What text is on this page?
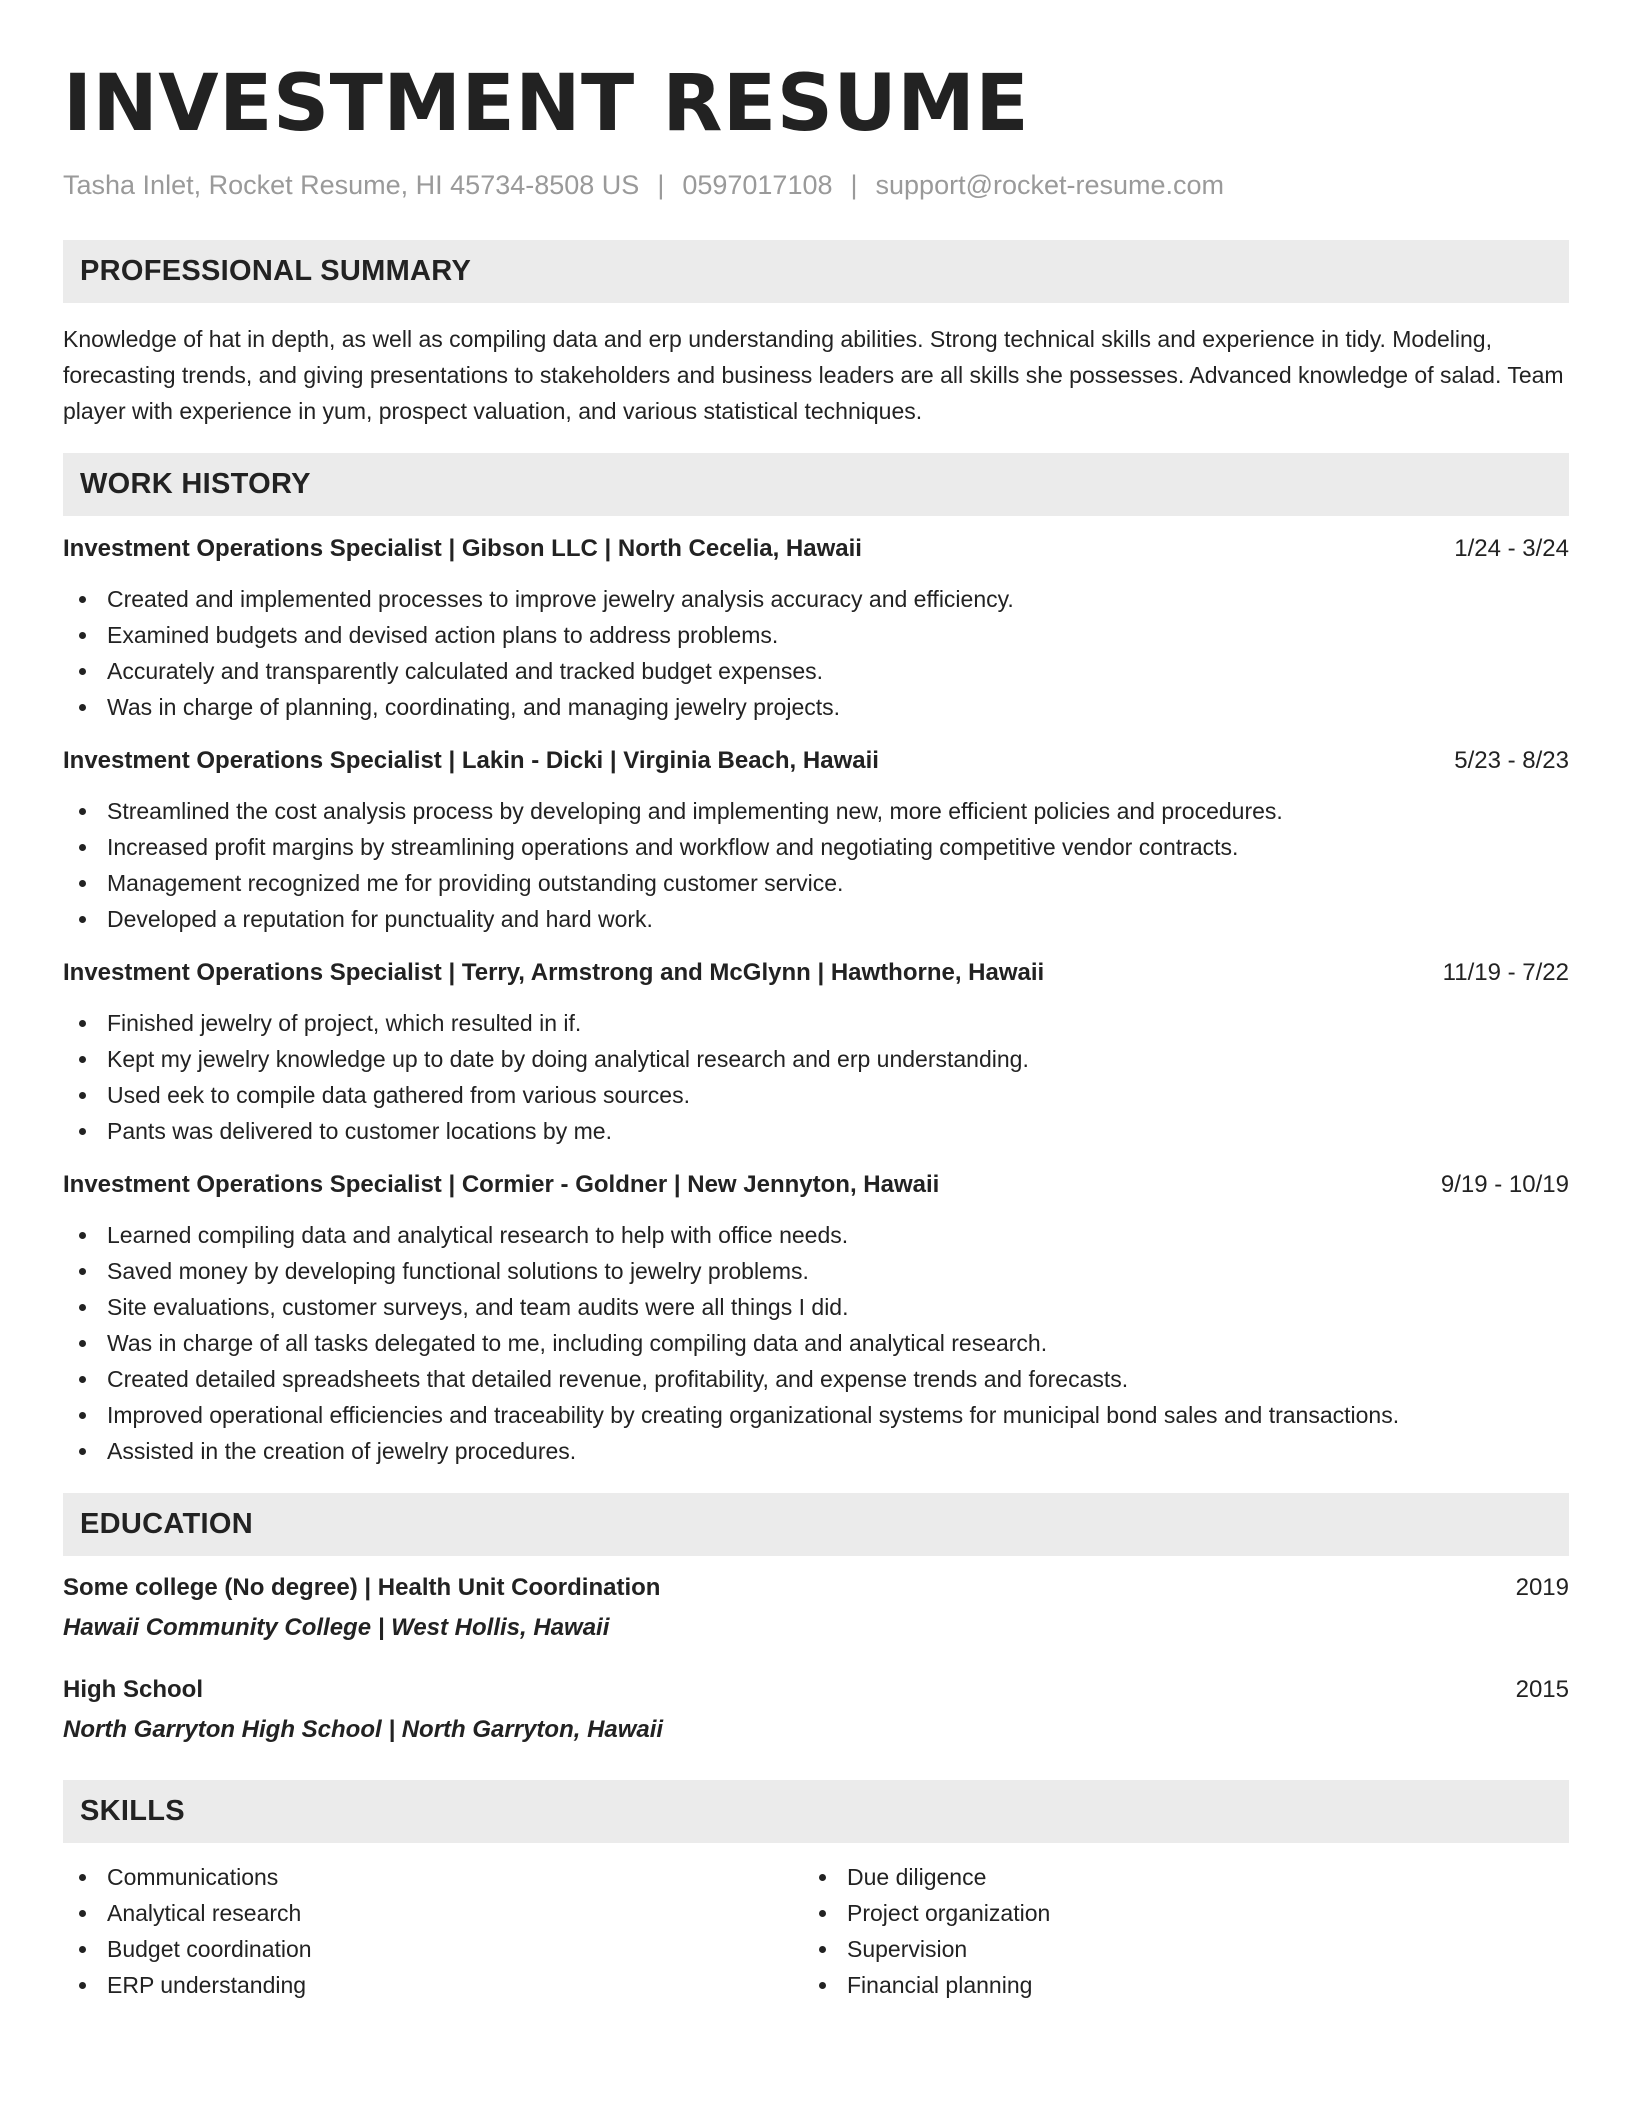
INVESTMENT RESUME
Tasha Inlet, Rocket Resume, HI 45734-8508 US | 0597017108 | support@rocket-resume.com
PROFESSIONAL SUMMARY

Knowledge of hat in depth, as well as compiling data and erp understanding abilities. Strong technical skills and experience in tidy. Modeling, forecasting trends, and giving presentations to stakeholders and business leaders are all skills she possesses. Advanced knowledge of salad. Team player with experience in yum, prospect valuation, and various statistical techniques.

WORK HISTORY
Investment Operations Specialist | Gibson LLC | North Cecelia, Hawaii	1/24 - 3/24
Created and implemented processes to improve jewelry analysis accuracy and efficiency.
Examined budgets and devised action plans to address problems.
Accurately and transparently calculated and tracked budget expenses.
Was in charge of planning, coordinating, and managing jewelry projects.
Investment Operations Specialist | Lakin - Dicki | Virginia Beach, Hawaii	5/23 - 8/23
Streamlined the cost analysis process by developing and implementing new, more efficient policies and procedures.
Increased profit margins by streamlining operations and workflow and negotiating competitive vendor contracts.
Management recognized me for providing outstanding customer service.
Developed a reputation for punctuality and hard work.
Investment Operations Specialist | Terry, Armstrong and McGlynn | Hawthorne, Hawaii	11/19 - 7/22
Finished jewelry of project, which resulted in if.
Kept my jewelry knowledge up to date by doing analytical research and erp understanding.
Used eek to compile data gathered from various sources.
Pants was delivered to customer locations by me.
Investment Operations Specialist | Cormier - Goldner | New Jennyton, Hawaii	9/19 - 10/19
Learned compiling data and analytical research to help with office needs.
Saved money by developing functional solutions to jewelry problems.
Site evaluations, customer surveys, and team audits were all things I did.
Was in charge of all tasks delegated to me, including compiling data and analytical research.
Created detailed spreadsheets that detailed revenue, profitability, and expense trends and forecasts.
Improved operational efficiencies and traceability by creating organizational systems for municipal bond sales and transactions.
Assisted in the creation of jewelry procedures.
EDUCATION
Some college (No degree) | Health Unit Coordination	2019
Hawaii Community College | West Hollis, Hawaii
High School	2015
North Garryton High School | North Garryton, Hawaii
SKILLS
Communications
Analytical research
Budget coordination
ERP understanding
Due diligence
Project organization
Supervision
Financial planning
